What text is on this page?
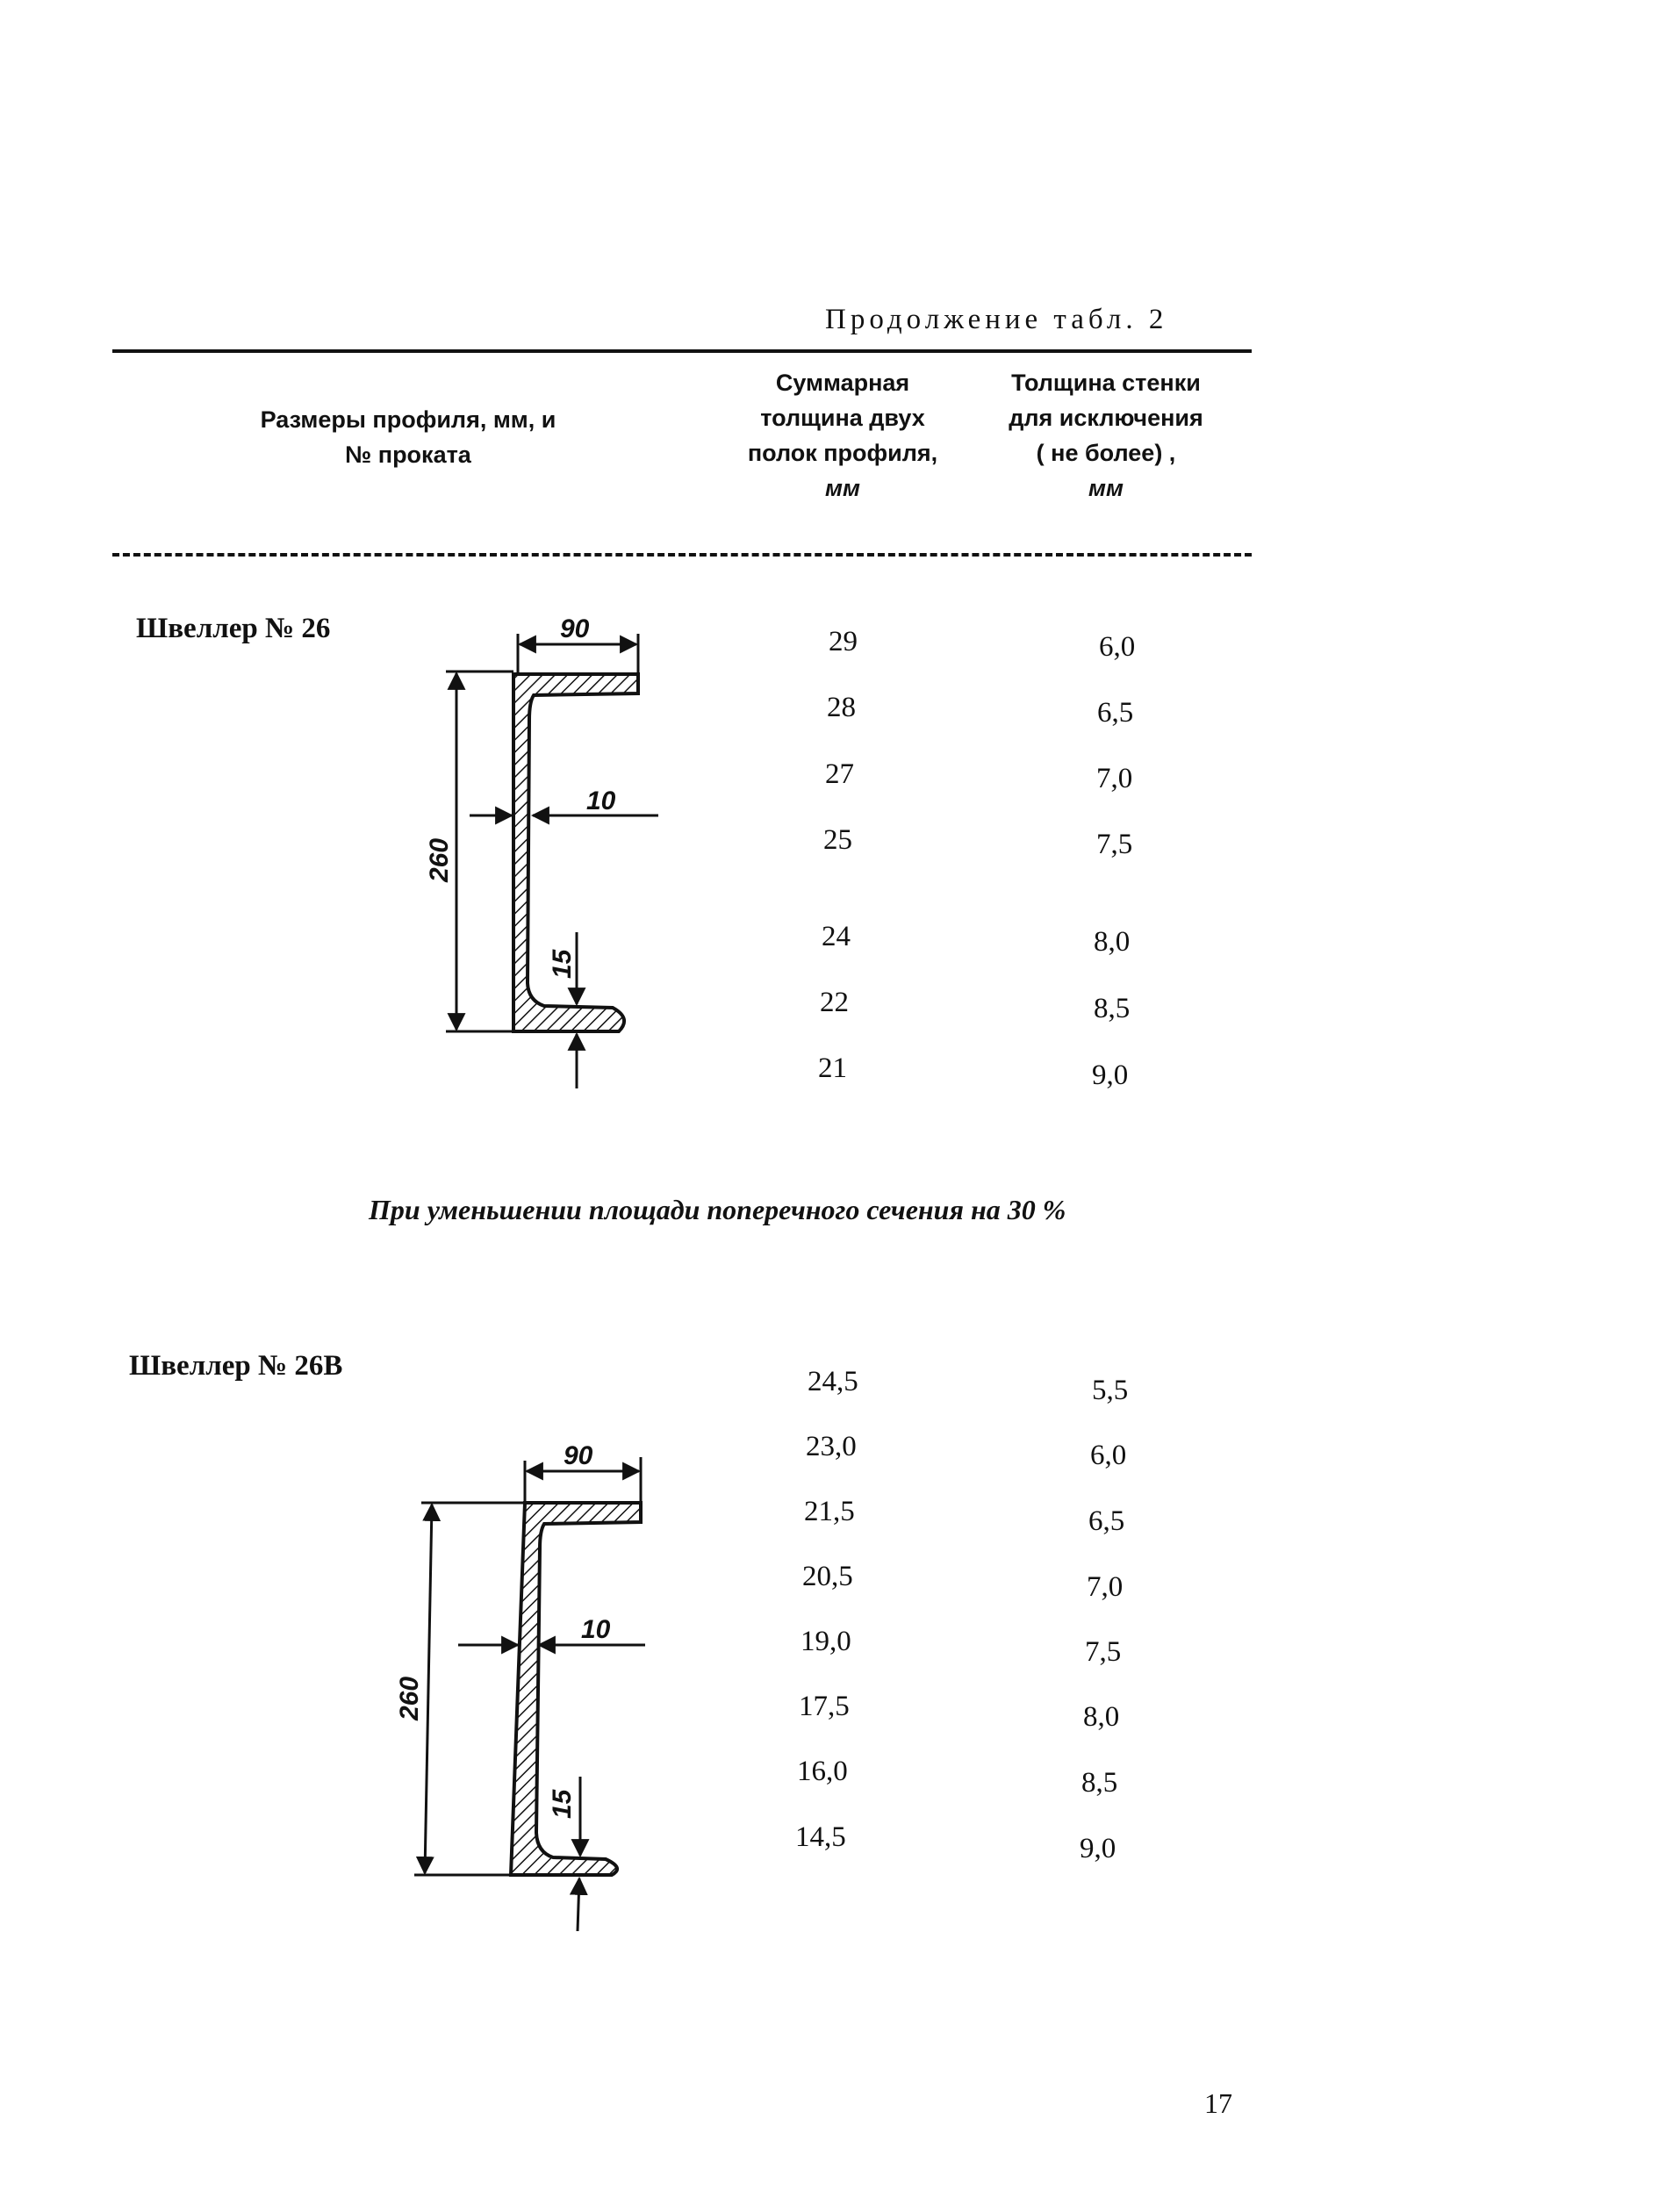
Продолжение табл. 2
Размеры профиля, мм, и
№ проката
Суммарная
толщина двух
полок профиля,
мм
Толщина стенки
для исключения
( не более) ,
мм
Швеллер № 26	90
260
10
15
29	6,0
28	6,5
27	7,0
25	7,5
24	8,0
22	8,5
21	9,0
При уменьшении площади поперечного сечения на 30 %
Швеллер № 26В
90
260
10
15
24,5	5,5
23,0	6,0
21,5	6,5
20,5	7,0
19,0	7,5
17,5	8,0
16,0	8,5
14,5	9,0
17
